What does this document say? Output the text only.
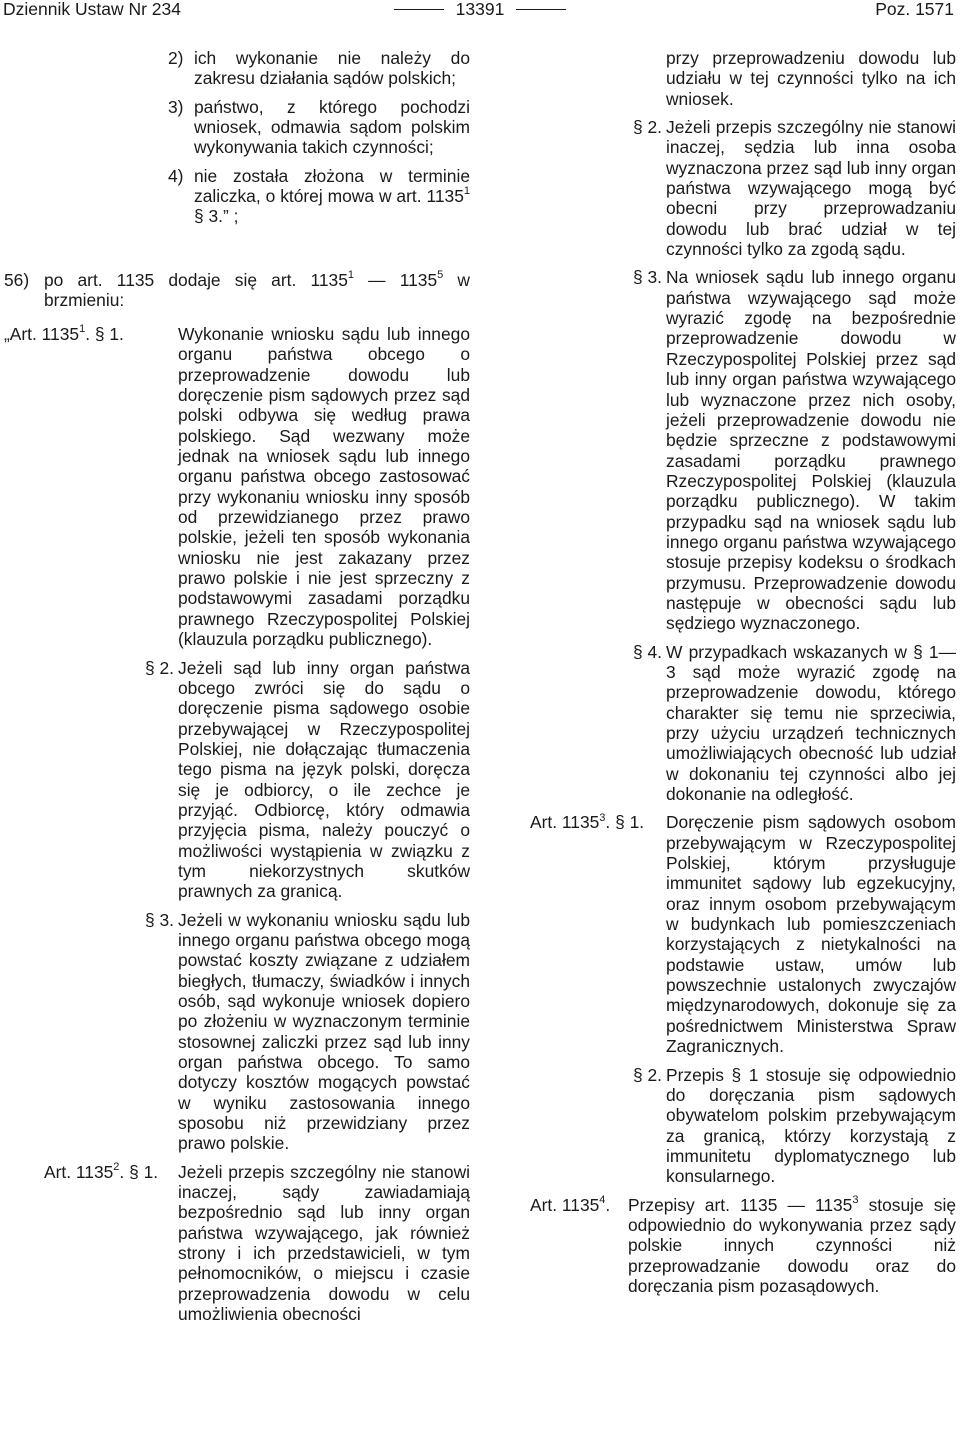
Dziennik Ustaw Nr 234	13391	Poz. 1571

2) ich wykonanie nie należy do zakresu działania sądów polskich;

3) państwo, z którego pochodzi wniosek, odmawia sądom polskim wykonywania takich czynności;

4) nie została złożona w terminie zaliczka, o której mowa w art. 1135$^1$ § 3.” ;

56) po art. 1135 dodaje się art. 1135$^1$ — 1135$^5$ w brzmieniu:

„Art. 1135$^1$. § 1.	Wykonanie wniosku sądu lub innego organu państwa obcego o przeprowadzenie dowodu lub doręczenie pism sądowych przez sąd polski odbywa się według prawa polskiego. Sąd wezwany może jednak na wniosek sądu lub innego organu państwa obcego zastosować przy wykonaniu wniosku inny sposób od przewidzianego przez prawo polskie, jeżeli ten sposób wykonania wniosku nie jest zakazany przez prawo polskie i nie jest sprzeczny z podstawowymi zasadami porządku prawnego Rzeczypospolitej Polskiej (klauzula porządku publicznego).

§ 2. Jeżeli sąd lub inny organ państwa obcego zwróci się do sądu o doręczenie pisma sądowego osobie przebywającej w Rzeczypospolitej Polskiej, nie dołączając tłumaczenia tego pisma na język polski, doręcza się je odbiorcy, o ile zechce je przyjąć. Odbiorcę, który odmawia przyjęcia pisma, należy pouczyć o możliwości wystąpienia w związku z tym niekorzystnych skutków prawnych za granicą.

§ 3. Jeżeli w wykonaniu wniosku sądu lub innego organu państwa obcego mogą powstać koszty związane z udziałem biegłych, tłumaczy, świadków i innych osób, sąd wykonuje wniosek dopiero po złożeniu w wyznaczonym terminie stosownej zaliczki przez sąd lub inny organ państwa obcego. To samo dotyczy kosztów mogących powstać w wyniku zastosowania innego sposobu niż przewidziany przez prawo polskie.

Art. 1135$^2$. § 1.	Jeżeli przepis szczególny nie stanowi inaczej, sądy zawiadamiają bezpośrednio sąd lub inny organ państwa wzywającego, jak również strony i ich przedstawicieli, w tym pełnomocników, o miejscu i czasie przeprowadzenia dowodu w celu umożliwienia obecności

przy przeprowadzeniu dowodu lub udziału w tej czynności tylko na ich wniosek.

§ 2. Jeżeli przepis szczególny nie stanowi inaczej, sędzia lub inna osoba wyznaczona przez sąd lub inny organ państwa wzywającego mogą być obecni przy przeprowadzaniu dowodu lub brać udział w tej czynności tylko za zgodą sądu.

§ 3. Na wniosek sądu lub innego organu państwa wzywającego sąd może wyrazić zgodę na bezpośrednie przeprowadzenie dowodu w Rzeczypospolitej Polskiej przez sąd lub inny organ państwa wzywającego lub wyznaczone przez nich osoby, jeżeli przeprowadzenie dowodu nie będzie sprzeczne z podstawowymi zasadami porządku prawnego Rzeczypospolitej Polskiej (klauzula porządku publicznego). W takim przypadku sąd na wniosek sądu lub innego organu państwa wzywającego stosuje przepisy kodeksu o środkach przymusu. Przeprowadzenie dowodu następuje w obecności sądu lub sędziego wyznaczonego.

§ 4. W przypadkach wskazanych w § 1—3 sąd może wyrazić zgodę na przeprowadzenie dowodu, którego charakter się temu nie sprzeciwia, przy użyciu urządzeń technicznych umożliwiających obecność lub udział w dokonaniu tej czynności albo jej dokonanie na odległość.

Art. 1135$^3$. § 1.	Doręczenie pism sądowych osobom przebywającym w Rzeczypospolitej Polskiej, którym przysługuje immunitet sądowy lub egzekucyjny, oraz innym osobom przebywającym w budynkach lub pomieszczeniach korzystających z nietykalności na podstawie ustaw, umów lub powszechnie ustalonych zwyczajów międzynarodowych, dokonuje się za pośrednictwem Ministerstwa Spraw Zagranicznych.

§ 2. Przepis § 1 stosuje się odpowiednio do doręczania pism sądowych obywatelom polskim przebywającym za granicą, którzy korzystają z immunitetu dyplomatycznego lub konsularnego.

Art. 1135$^4$.	Przepisy art. 1135 — 1135$^3$ stosuje się odpowiednio do wykonywania przez sądy polskie innych czynności niż przeprowadzanie dowodu oraz do doręczania pism pozasądowych.
